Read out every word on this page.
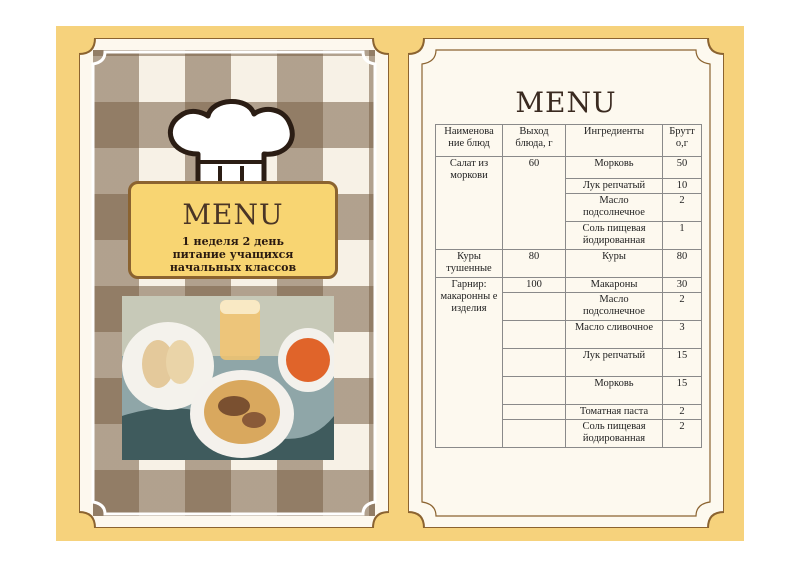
MENU
1 неделя 2 день
питание учащихся
начальных классов
MENU
Наименова ние блюд	Выход блюда, г	Ингредиенты	Брутт о,г
Салат из моркови	60	Морковь	50
		Лук репчатый	10
		Масло подсолнечное	2
		Соль пищевая йодированная	1
Куры тушенные	80	Куры	80
Гарнир: макаронны е изделия	100	Макароны	30
		Масло подсолнечное	2
		Масло сливочное	3
		Лук репчатый	15
		Морковь	15
		Томатная паста	2
		Соль пищевая йодированная	2
